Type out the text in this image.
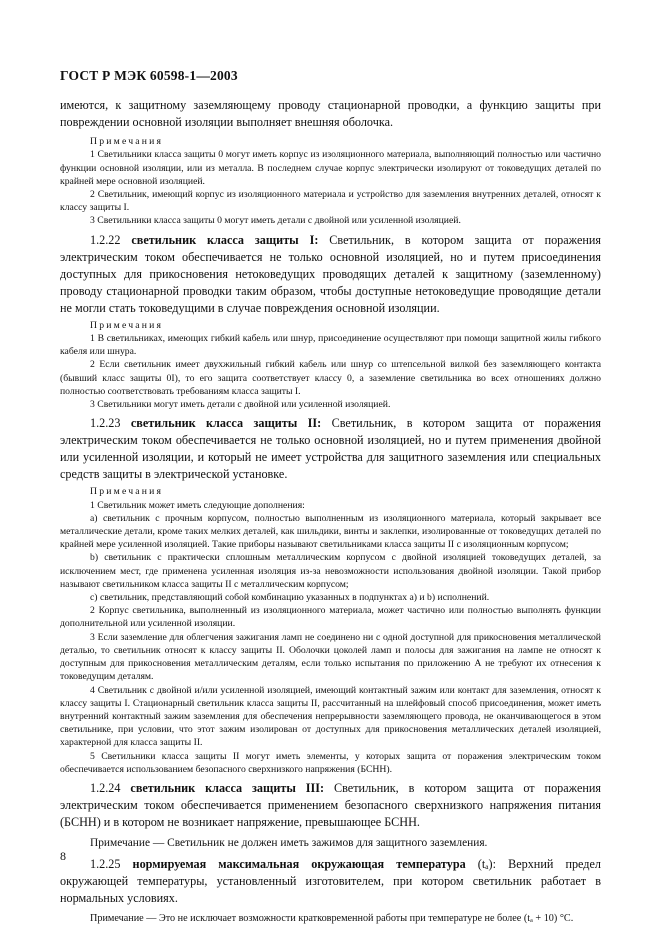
ГОСТ Р МЭК 60598-1—2003

имеются, к защитному заземляющему проводу стационарной проводки, а функцию защиты при повреждении основной изоляции выполняет внешняя оболочка.

Примечания

1 Светильники класса защиты 0 могут иметь корпус из изоляционного материала, выполняющий полностью или частично функции основной изоляции, или из металла. В последнем случае корпус электрически изолируют от токоведущих деталей по крайней мере основной изоляцией.

2 Светильник, имеющий корпус из изоляционного материала и устройство для заземления внутренних деталей, относят к классу защиты I.

3 Светильники класса защиты 0 могут иметь детали с двойной или усиленной изоляцией.

1.2.22 светильник класса защиты I: Светильник, в котором защита от поражения электрическим током обеспечивается не только основной изоляцией, но и путем присоединения доступных для прикосновения нетоковедущих проводящих деталей к защитному (заземленному) проводу стационарной проводки таким образом, чтобы доступные нетоковедущие проводящие детали не могли стать токоведущими в случае повреждения основной изоляции.

Примечания

1 В светильниках, имеющих гибкий кабель или шнур, присоединение осуществляют при помощи защитной жилы гибкого кабеля или шнура.

2 Если светильник имеет двухжильный гибкий кабель или шнур со штепсельной вилкой без заземляющего контакта (бывший класс защиты 0I), то его защита соответствует классу 0, а заземление светильника во всех отношениях должно полностью соответствовать требованиям класса защиты I.

3 Светильники могут иметь детали с двойной или усиленной изоляцией.

1.2.23 светильник класса защиты II: Светильник, в котором защита от поражения электрическим током обеспечивается не только основной изоляцией, но и путем применения двойной или усиленной изоляции, и который не имеет устройства для защитного заземления или специальных средств защиты в электрической установке.

Примечания

1 Светильник может иметь следующие дополнения:

а) светильник с прочным корпусом, полностью выполненным из изоляционного материала, который закрывает все металлические детали, кроме таких мелких деталей, как шильдики, винты и заклепки, изолированные от токоведущих деталей по крайней мере усиленной изоляцией. Такие приборы называют светильниками класса защиты II с изоляционным корпусом;

b) светильник с практически сплошным металлическим корпусом с двойной изоляцией токоведущих деталей, за исключением мест, где применена усиленная изоляция из-за невозможности использования двойной изоляции. Такой прибор называют светильником класса защиты II с металлическим корпусом;

с) светильник, представляющий собой комбинацию указанных в подпунктах а) и b) исполнений.

2 Корпус светильника, выполненный из изоляционного материала, может частично или полностью выполнять функции дополнительной или усиленной изоляции.

3 Если заземление для облегчения зажигания ламп не соединено ни с одной доступной для прикосновения металлической деталью, то светильник относят к классу защиты II. Оболочки цоколей ламп и полосы для зажигания на лампе не относят к доступным для прикосновения металлическим деталям, если только испытания по приложению А не требуют их отнесения к токоведущим деталям.

4 Светильник с двойной и/или усиленной изоляцией, имеющий контактный зажим или контакт для заземления, относят к классу защиты I. Стационарный светильник класса защиты II, рассчитанный на шлейфовый способ присоединения, может иметь внутренний контактный зажим заземления для обеспечения непрерывности заземляющего провода, не оканчивающегося в этом светильнике, при условии, что этот зажим изолирован от доступных для прикосновения металлических деталей изоляцией, характерной для класса защиты II.

5 Светильники класса защиты II могут иметь элементы, у которых защита от поражения электрическим током обеспечивается использованием безопасного сверхнизкого напряжения (БСНН).

1.2.24 светильник класса защиты III: Светильник, в котором защита от поражения электрическим током обеспечивается применением безопасного сверхнизкого напряжения питания (БСНН) и в котором не возникает напряжение, превышающее БСНН.

Примечание — Светильник не должен иметь зажимов для защитного заземления.

1.2.25 нормируемая максимальная окружающая температура (tₐ): Верхний предел окружающей температуры, установленный изготовителем, при котором светильник работает в нормальных условиях.

Примечание — Это не исключает возможности кратковременной работы при температуре не более (tₐ + 10) °С.

8
